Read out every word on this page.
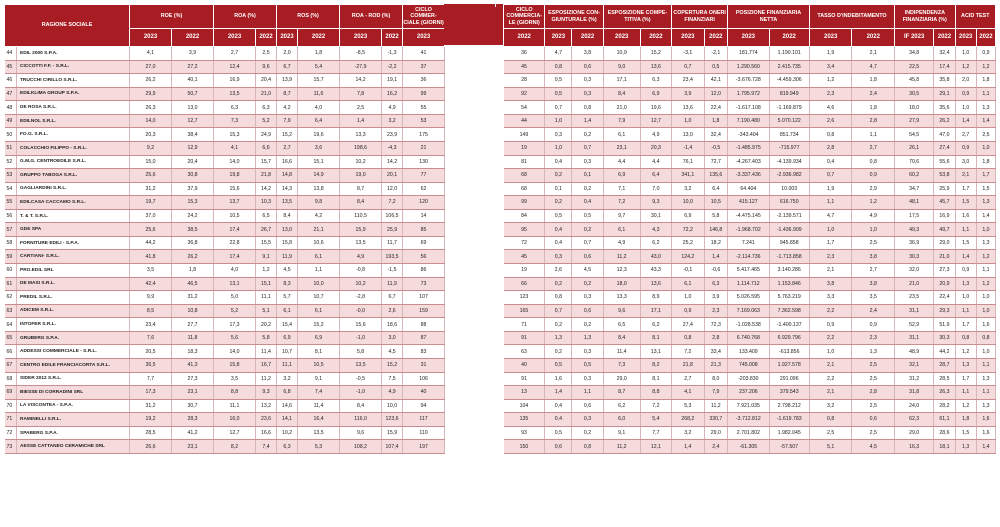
RAGIONE SOCIALE		ROE (%)		ROA (%)		ROS (%)		ROA - ROD (%)		CICLO COMMER-CIALE (GIORNI)
		2023	2022	2023	2022	2023	2022	2023	2022	2023
44	EDIL 2000 S.P.A.	4,1	3,9	2,7	2,5	2,0	1,8	-8,5	-1,3	41
45	CICCOTTI F.F. - S.R.L.	27,0	27,2	12,4	9,6	6,7	5,4	-27,9	-2,2	37
46	TRUCCHI CIRILLO S.R.L.	26,2	40,1	16,9	20,4	13,9	15,7	14,2	19,1	36
47	EDILKLIMA GROUP S.P.A.	29,9	50,7	13,5	21,0	8,7	11,6	7,8	16,2	99
48	DE ROSA S.R.L.	26,3	13,0	6,3	6,3	4,2	4,0	2,5	4,9	55
49	EDILNOL S.R.L.	14,0	12,7	7,3	5,2	7,9	6,4	1,4	3,2	53
50	FO.G. S.R.L.	20,3	38,4	15,3	24,9	15,2	19,6	13,3	23,9	175
51	COLACCHIO FILIPPO - S.R.L.	9,2	12,9	4,1	6,6	2,7	3,6	198,6	-4,3	21
52	G.M.G. CENTROEDILE S.R.L.	15,0	20,4	14,0	15,7	16,6	15,1	10,2	14,2	130
53	GRUPPO TABOGA S.R.L.	25,6	30,8	19,8	21,8	14,8	14,9	19,0	20,1	77
54	GAGLIARDINI S.R.L.	31,2	37,9	15,6	14,2	14,3	13,8	8,7	12,0	62
55	EDILCASA CACCAMO S.R.L.	19,7	15,3	13,7	10,3	13,5	9,8	8,4	7,2	120
56	T. & T. S.R.L.	37,0	24,2	10,5	6,5	8,4	4,2	110,5	106,5	14
57	GDE SPA	25,6	38,5	17,4	26,7	13,0	21,1	15,9	25,9	85
58	FORNITURE EDILI - S.P.A.	44,2	36,8	22,8	15,5	15,8	10,6	13,5	11,7	69
59	CARTIANI- S.R.L.	41,8	26,2	17,4	9,1	11,9	6,1	4,9	193,5	56
60	PRO.EDIL SRL	3,5	1,8	4,0	1,2	4,5	1,1	-0,8	-1,5	86
61	DE MASI S.R.L.	42,4	46,5	13,1	15,1	8,3	10,0	10,2	11,9	73
62	PREDIL S.R.L.	9,9	31,2	5,0	11,1	5,7	10,7	-2,8	6,7	107
63	ADICEM S.R.L.	8,5	10,8	5,2	5,1	6,1	6,1	-0,0	2,6	159
64	INTOFER S.R.L.	23,4	27,7	17,3	20,2	15,4	15,2	15,6	18,6	88
65	GRUBERG S.P.A.	7,6	11,8	5,6	5,8	6,9	6,9	-1,0	3,0	87
66	ADDESSI COMMERCIALE - S.R.L.	20,5	18,3	14,0	11,4	10,7	8,1	5,8	4,5	83
67	CENTRO EDILE FRANCIACORTA S.R.L.	36,5	41,3	15,8	16,7	11,1	10,5	13,5	15,2	31
68	SIDER 2012 S.R.L.	7,7	27,3	3,5	11,2	3,2	9,1	-0,5	7,5	106
69	BIESSE DI CORRADINI SRL	17,3	23,1	8,8	9,3	6,8	7,4	-1,0	4,9	40
70	LA VISCONTEA - S.P.A.	31,2	30,7	11,1	13,2	14,6	11,4	8,4	10,0	94
71	RAMINELLI S.R.L.	19,2	28,3	16,0	23,6	14,1	16,4	116,0	123,6	117
72	SPABERG S.P.A.	28,5	41,2	12,7	16,6	10,2	13,5	9,6	15,9	110
73	AESSE CATTANEO CERAMICHE SRL	26,6	23,1	8,2	7,4	6,3	5,3	108,2	107,4	197
CICLO COMMERCIA-LE (GIORNI)	ESPOSIZIONE CON-GIUNTURALE (%)		ESPOSIZIONE COMPE-TITIVA (%)		COPERTURA ONERI FINANZIARI		POSIZIONE FINANZIARIA NETTA		TASSO D'INDEBITAMENTO		INDIPENDENZA FINANZIARIA (%)		ACID TEST	
2022	2023	2022	2023	2022	2023	2022	2023	2022	2023	2022	IF 2023	2022	2023	2022
36	4,7	3,8	10,9	15,2	-3,1	-2,1	181.774	1.190.101	1,9	2,1	34,8	32,4	1,0	0,9
45	0,8	0,6	9,0	13,6	0,7	0,5	1.290.560	2.415.735	3,4	4,7	22,5	17,4	1,2	1,2
28	0,5	0,3	17,1	6,3	23,4	42,1	-3.676.728	-4.459.306	1,2	1,8	45,8	35,8	2,0	1,8
92	0,5	0,3	8,4	6,9	3,9	12,0	1.795.972	819.949	2,3	2,4	30,5	29,1	0,9	1,1
54	0,7	0,8	21,0	19,6	13,6	22,4	-1.617.108	-1.169.879	4,6	1,8	18,0	35,6	1,0	1,3
44	1,0	1,4	7,9	12,7	1,0	1,8	7.190.480	5.070.122	2,6	2,8	27,9	26,2	1,4	1,4
149	0,3	0,2	6,1	4,9	13,0	32,4	-343.404	851.734	0,8	1,1	54,5	47,0	2,7	2,5
19	1,0	0,7	23,1	20,3	-1,4	-0,5	-1.485.975	-715.977	2,8	2,7	26,1	27,4	0,9	1,0
81	0,4	0,3	4,4	4,4	76,1	72,7	-4.267.403	-4.139.934	0,4	0,8	70,6	55,6	3,0	1,8
68	0,2	0,1	6,9	6,4	341,1	135,6	-3.337.436	-2.936.982	0,7	0,9	60,2	53,8	2,1	1,7
68	0,1	0,2	7,1	7,0	3,2	6,4	64.404	10.003	1,9	2,9	34,7	25,9	1,7	1,5
99	0,2	0,4	7,2	9,3	10,0	10,5	415.127	616.750	1,1	1,2	48,1	45,7	1,5	1,3
84	0,5	0,5	9,7	30,1	6,9	5,8	-4.475.145	-2.139.571	4,7	4,9	17,5	16,9	1,6	1,4
95	0,4	0,2	6,1	4,3	72,2	146,8	-1.968.702	-1.436.909	1,0	1,0	49,3	49,7	1,1	1,0
72	0,4	0,7	4,9	6,2	25,2	18,2	7.241	945.858	1,7	2,5	36,9	29,0	1,5	1,3
45	0,3	0,6	11,2	43,0	124,2	1,4	-2.114.736	-1.713.858	2,3	3,8	30,3	21,0	1,4	1,2
19	2,6	4,5	12,3	43,3	-0,1	-0,6	5.417.465	3.140.286	2,1	2,7	32,0	27,3	0,9	1,1
66	0,2	0,2	18,0	13,6	6,1	6,3	1.114.712	1.153.846	3,8	3,8	21,0	20,9	1,3	1,2
123	0,8	0,3	13,3	8,9	1,0	3,9	5.026.595	5.763.219	3,3	3,5	23,5	22,4	1,0	1,0
165	0,7	0,6	9,6	17,1	0,9	2,3	7.169.063	7.362.598	2,2	2,4	31,1	29,3	1,1	1,0
71	0,2	0,2	6,5	6,2	27,4	72,3	-1.028.538	-1.400.137	0,9	0,9	52,9	51,9	1,7	1,6
91	1,3	1,3	8,4	8,1	0,8	2,8	6.740.768	6.929.796	2,2	2,3	31,1	30,3	0,8	0,8
63	0,2	0,3	11,4	13,1	7,2	33,4	133.409	-613.856	1,0	1,3	48,9	44,2	1,2	1,0
40	0,5	0,5	7,3	8,2	21,8	21,3	745.008	1.927.578	2,1	2,5	32,1	28,7	1,3	1,1
91	1,6	0,3	29,0	8,1	2,7	8,0	-203.830	291.096	2,2	2,5	31,2	28,5	1,7	1,3
13	1,4	1,1	8,7	8,8	4,1	7,9	237.206	379.543	2,1	2,8	31,8	26,3	1,1	1,1
104	0,4	0,6	6,2	7,2	5,3	11,2	7.921.035	2.798.212	3,2	2,5	24,0	28,2	1,2	1,3
135	0,4	0,3	6,0	5,4	268,2	330,7	-3.712.812	-1.619.783	0,8	0,6	62,3	61,1	1,8	1,6
93	0,5	0,2	9,1	7,7	3,2	29,0	2.701.802	1.982.045	2,5	2,5	29,0	28,6	1,5	1,6
150	0,6	0,8	11,2	12,1	1,4	2,4	-61.305	-57.507	5,1	4,5	16,3	18,1	1,3	1,4
